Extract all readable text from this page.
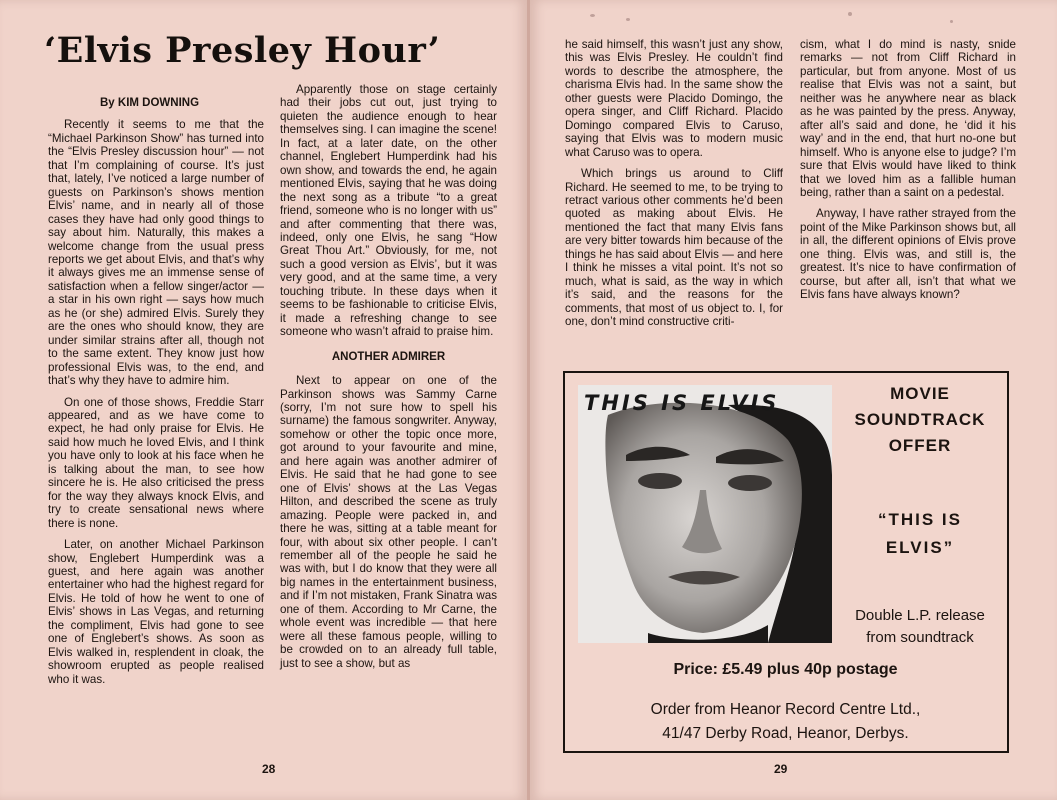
‘Elvis Presley Hour’

By KIM DOWNING

Recently it seems to me that the “Michael Parkinson Show” has turned into the “Elvis Presley discussion hour” — not that I’m complaining of course. It’s just that, lately, I’ve noticed a large number of guests on Parkinson’s shows mention Elvis’ name, and in nearly all of those cases they have had only good things to say about him. Naturally, this makes a welcome change from the usual press reports we get about Elvis, and that’s why it always gives me an immense sense of satisfaction when a fellow singer/actor — a star in his own right — says how much as he (or she) admired Elvis. Surely they are the ones who should know, they are under similar strains after all, though not to the same extent. They know just how professional Elvis was, to the end, and that’s why they have to admire him.

On one of those shows, Freddie Starr appeared, and as we have come to expect, he had only praise for Elvis. He said how much he loved Elvis, and I think you have only to look at his face when he is talking about the man, to see how sincere he is. He also criticised the press for the way they always knock Elvis, and try to create sensational news where there is none.

Later, on another Michael Parkinson show, Englebert Humperdink was a guest, and here again was another entertainer who had the highest regard for Elvis. He told of how he went to one of Elvis’ shows in Las Vegas, and returning the compliment, Elvis had gone to see one of Englebert’s shows. As soon as Elvis walked in, resplendent in cloak, the showroom erupted as people realised who it was.

Apparently those on stage certainly had their jobs cut out, just trying to quieten the audience enough to hear themselves sing. I can imagine the scene! In fact, at a later date, on the other channel, Englebert Humperdink had his own show, and towards the end, he again mentioned Elvis, saying that he was doing the next song as a tribute “to a great friend, someone who is no longer with us” and after commenting that there was, indeed, only one Elvis, he sang “How Great Thou Art.” Obviously, for me, not such a good version as Elvis’, but it was very good, and at the same time, a very touching tribute. In these days when it seems to be fashionable to criticise Elvis, it made a refreshing change to see someone who wasn’t afraid to praise him.

ANOTHER ADMIRER

Next to appear on one of the Parkinson shows was Sammy Carne (sorry, I’m not sure how to spell his surname) the famous songwriter. Anyway, somehow or other the topic once more, got around to your favourite and mine, and here again was another admirer of Elvis. He said that he had gone to see one of Elvis’ shows at the Las Vegas Hilton, and described the scene as truly amazing. People were packed in, and there he was, sitting at a table meant for four, with about six other people. I can’t remember all of the people he said he was with, but I do know that they were all big names in the entertainment business, and if I’m not mistaken, Frank Sinatra was one of them. According to Mr Carne, the whole event was incredible — that here were all these famous people, willing to be crowded on to an already full table, just to see a show, but as

28	29

he said himself, this wasn’t just any show, this was Elvis Presley. He couldn’t find words to describe the atmosphere, the charisma Elvis had. In the same show the other guests were Placido Domingo, the opera singer, and Cliff Richard. Placido Domingo compared Elvis to Caruso, saying that Elvis was to modern music what Caruso was to opera.

Which brings us around to Cliff Richard. He seemed to me, to be trying to retract various other comments he’d been quoted as making about Elvis. He mentioned the fact that many Elvis fans are very bitter towards him because of the things he has said about Elvis — and here I think he misses a vital point. It’s not so much, what is said, as the way in which it’s said, and the reasons for the comments, that most of us object to. I, for one, don’t mind constructive criti-

cism, what I do mind is nasty, snide remarks — not from Cliff Richard in particular, but from anyone. Most of us realise that Elvis was not a saint, but neither was he anywhere near as black as he was painted by the press. Anyway, after all’s said and done, he ‘did it his way’ and in the end, that hurt no-one but himself. Who is anyone else to judge? I’m sure that Elvis would have liked to think that we loved him as a fallible human being, rather than a saint on a pedestal.

Anyway, I have rather strayed from the point of the Mike Parkinson shows but, all in all, the different opinions of Elvis prove one thing. Elvis was, and still is, the greatest. It’s nice to have confirmation of course, but after all, isn’t that what we Elvis fans have always known?

THIS IS ELVIS	MOVIE
SOUNDTRACK
OFFER
“THIS IS
ELVIS”
Double L.P. release
from soundtrack
Price: £5.49 plus 40p postage
Order from Heanor Record Centre Ltd.,
41/47 Derby Road, Heanor, Derbys.
